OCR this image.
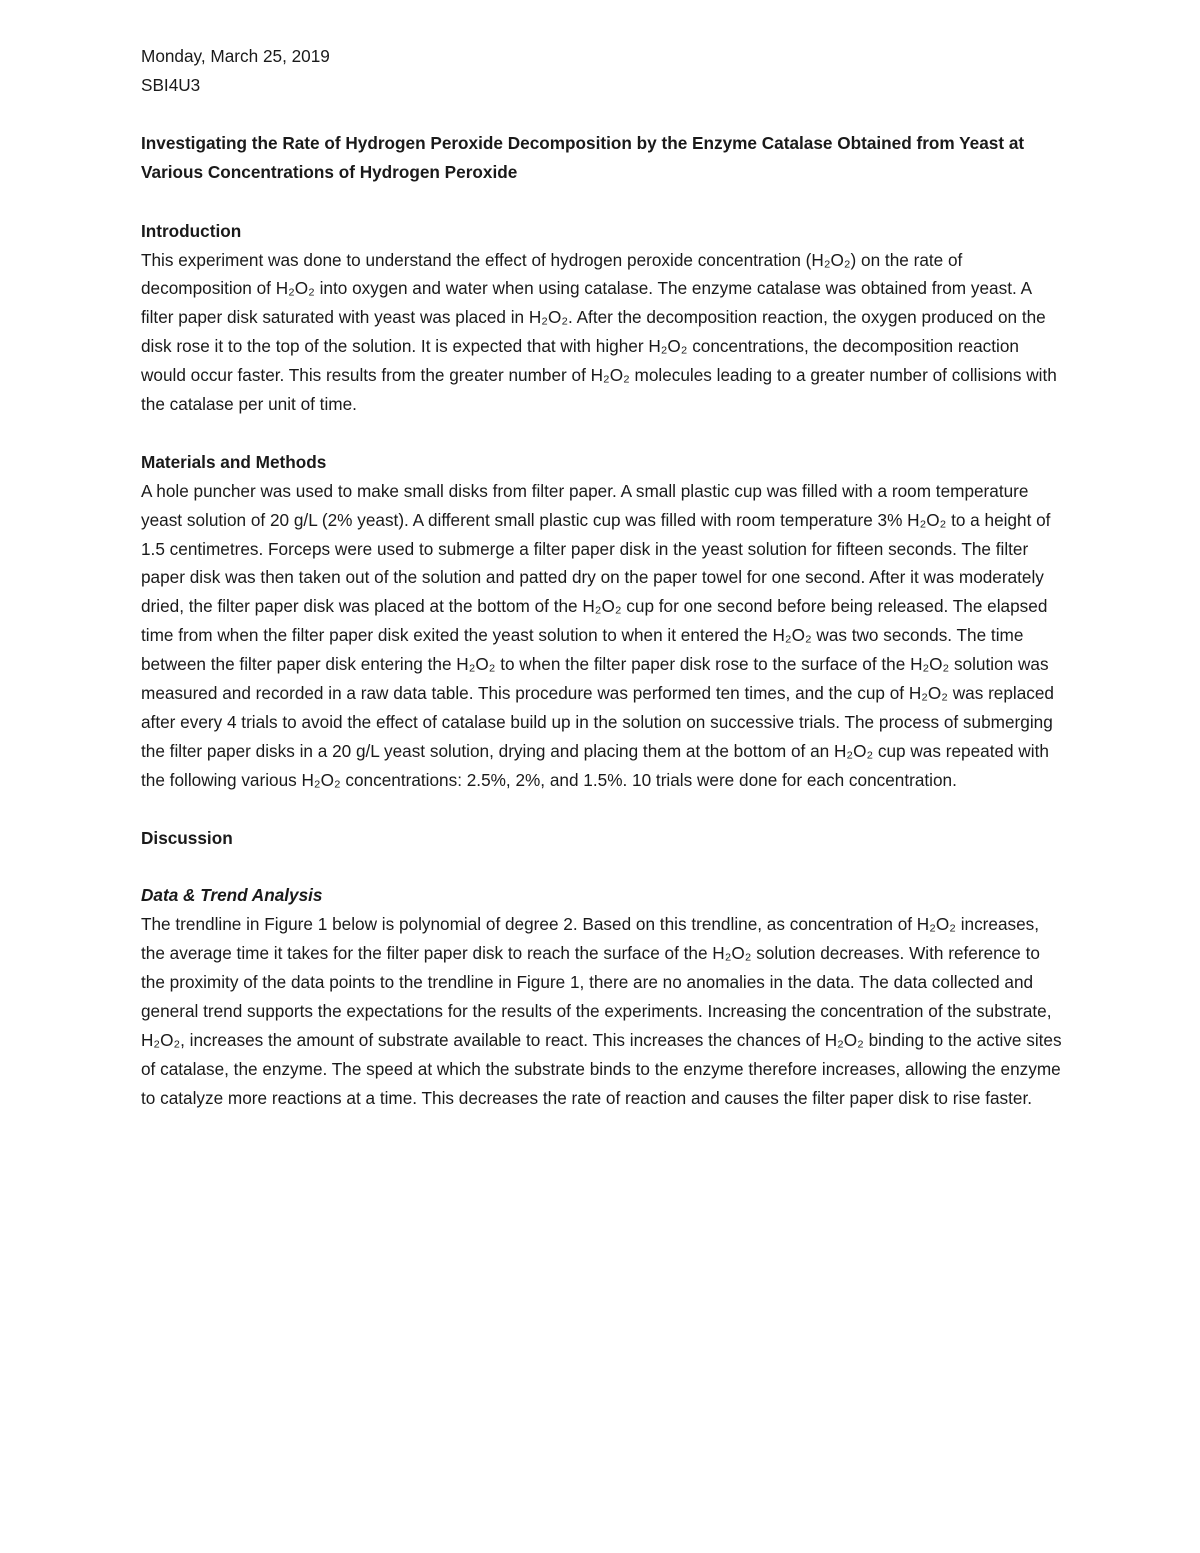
Monday, March 25, 2019

SBI4U3

Investigating the Rate of Hydrogen Peroxide Decomposition by the Enzyme Catalase Obtained from Yeast at Various Concentrations of Hydrogen Peroxide

Introduction

This experiment was done to understand the effect of hydrogen peroxide concentration (H₂O₂) on the rate of decomposition of H₂O₂ into oxygen and water when using catalase. The enzyme catalase was obtained from yeast. A filter paper disk saturated with yeast was placed in H₂O₂. After the decomposition reaction, the oxygen produced on the disk rose it to the top of the solution. It is expected that with higher H₂O₂ concentrations, the decomposition reaction would occur faster. This results from the greater number of H₂O₂ molecules leading to a greater number of collisions with the catalase per unit of time.

Materials and Methods

A hole puncher was used to make small disks from filter paper. A small plastic cup was filled with a room temperature yeast solution of 20 g/L (2% yeast). A different small plastic cup was filled with room temperature 3% H₂O₂ to a height of 1.5 centimetres. Forceps were used to submerge a filter paper disk in the yeast solution for fifteen seconds. The filter paper disk was then taken out of the solution and patted dry on the paper towel for one second. After it was moderately dried, the filter paper disk was placed at the bottom of the H₂O₂ cup for one second before being released. The elapsed time from when the filter paper disk exited the yeast solution to when it entered the H₂O₂ was two seconds. The time between the filter paper disk entering the H₂O₂ to when the filter paper disk rose to the surface of the H₂O₂ solution was measured and recorded in a raw data table. This procedure was performed ten times, and the cup of H₂O₂ was replaced after every 4 trials to avoid the effect of catalase build up in the solution on successive trials. The process of submerging the filter paper disks in a 20 g/L yeast solution, drying and placing them at the bottom of an H₂O₂ cup was repeated with the following various H₂O₂ concentrations: 2.5%, 2%, and 1.5%. 10 trials were done for each concentration.

Discussion

Data & Trend Analysis

The trendline in Figure 1 below is polynomial of degree 2. Based on this trendline, as concentration of H₂O₂ increases, the average time it takes for the filter paper disk to reach the surface of the H₂O₂ solution decreases. With reference to the proximity of the data points to the trendline in Figure 1, there are no anomalies in the data. The data collected and general trend supports the expectations for the results of the experiments. Increasing the concentration of the substrate, H₂O₂, increases the amount of substrate available to react. This increases the chances of H₂O₂ binding to the active sites of catalase, the enzyme. The speed at which the substrate binds to the enzyme therefore increases, allowing the enzyme to catalyze more reactions at a time. This decreases the rate of reaction and causes the filter paper disk to rise faster.
